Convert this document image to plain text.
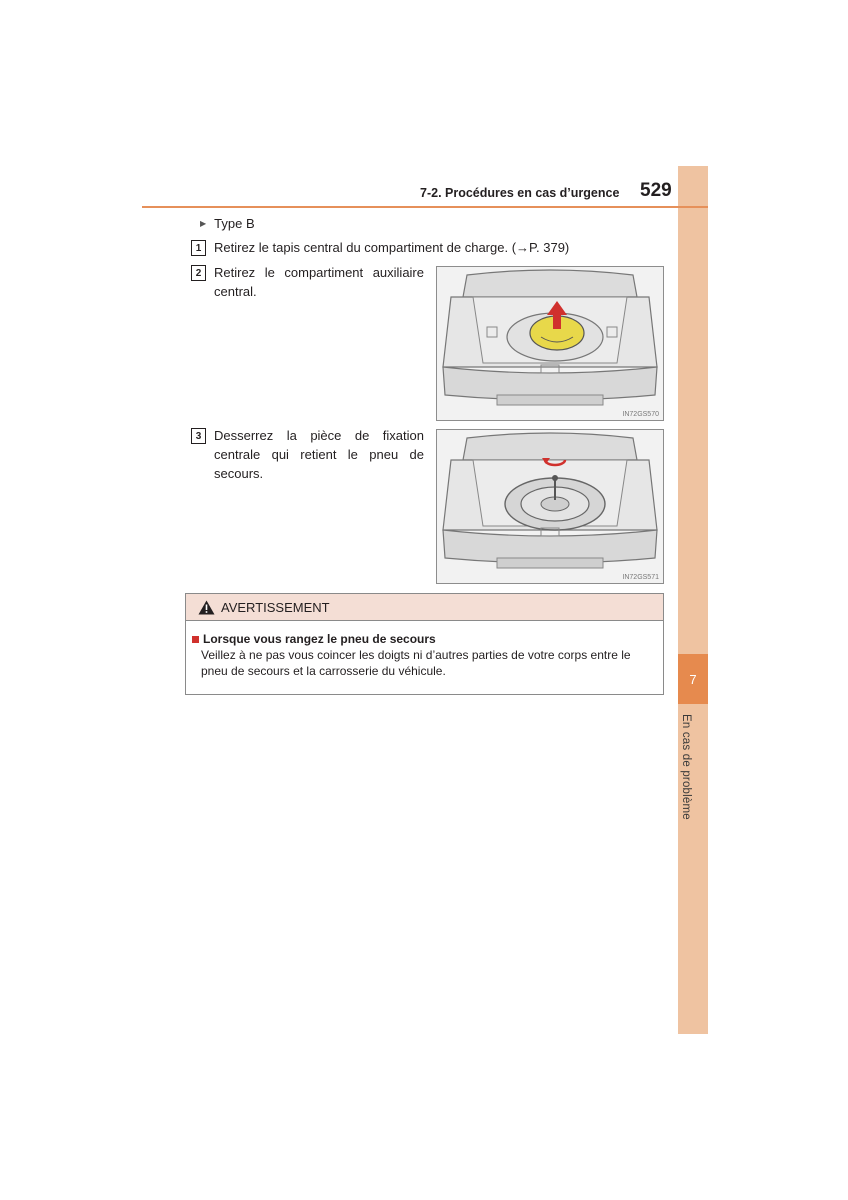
7
En cas de problème
7-2. Procédures en cas d’urgence 529
▶ Type B
1 Retirez le tapis central du compartiment de charge. (→P. 379)
2 Retirez le compartiment auxiliaire central.
IN72GS570
3 Desserrez la pièce de fixation centrale qui retient le pneu de secours.
IN72GS571
AVERTISSEMENT
Lorsque vous rangez le pneu de secours
Veillez à ne pas vous coincer les doigts ni d’autres parties de votre corps entre le pneu de secours et la carrosserie du véhicule.
